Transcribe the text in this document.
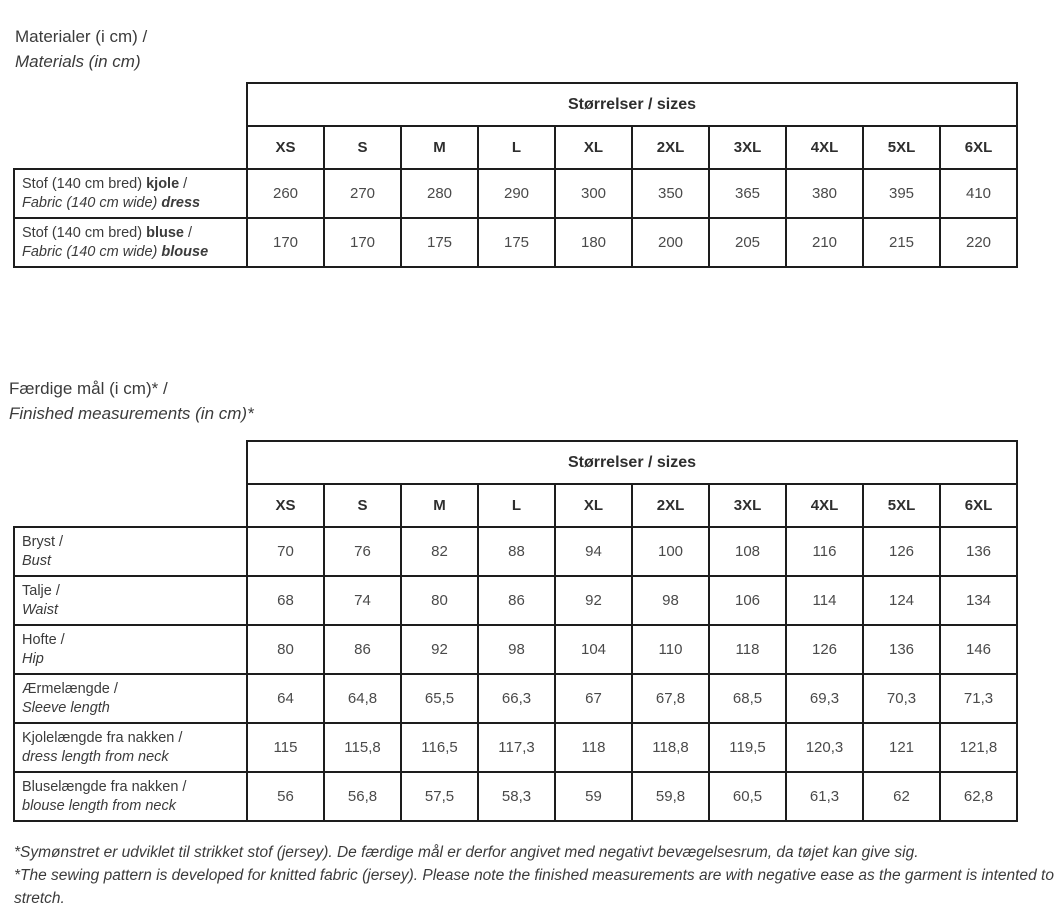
Materialer (i cm) /
Materials (in cm)
	Størrelser / sizes									
	XS	S	M	L	XL	2XL	3XL	4XL	5XL	6XL

Stof (140 cm bred) kjole /
Fabric (140 cm wide) dress	260	270	280	290	300	350	365	380	395	410

Stof (140 cm bred) bluse /
Fabric (140 cm wide) blouse	170	170	175	175	180	200	205	210	215	220
Færdige mål (i cm)* /
Finished measurements (in cm)*
	Størrelser / sizes									
	XS	S	M	L	XL	2XL	3XL	4XL	5XL	6XL

Bryst /
Bust	70	76	82	88	94	100	108	116	126	136

Talje /
Waist	68	74	80	86	92	98	106	114	124	134

Hofte /
Hip	80	86	92	98	104	110	118	126	136	146

Ærmelængde /
Sleeve length	64	64,8	65,5	66,3	67	67,8	68,5	69,3	70,3	71,3

Kjolelængde fra nakken /
dress length from neck	115	115,8	116,5	117,3	118	118,8	119,5	120,3	121	121,8

Bluselængde fra nakken /
blouse length from neck	56	56,8	57,5	58,3	59	59,8	60,5	61,3	62	62,8
*Symønstret er udviklet til strikket stof (jersey). De færdige mål er derfor angivet med negativt bevægelsesrum, da tøjet kan give sig.
*The sewing pattern is developed for knitted fabric (jersey). Please note the finished measurements are with negative ease as the garment is intented to stretch.
